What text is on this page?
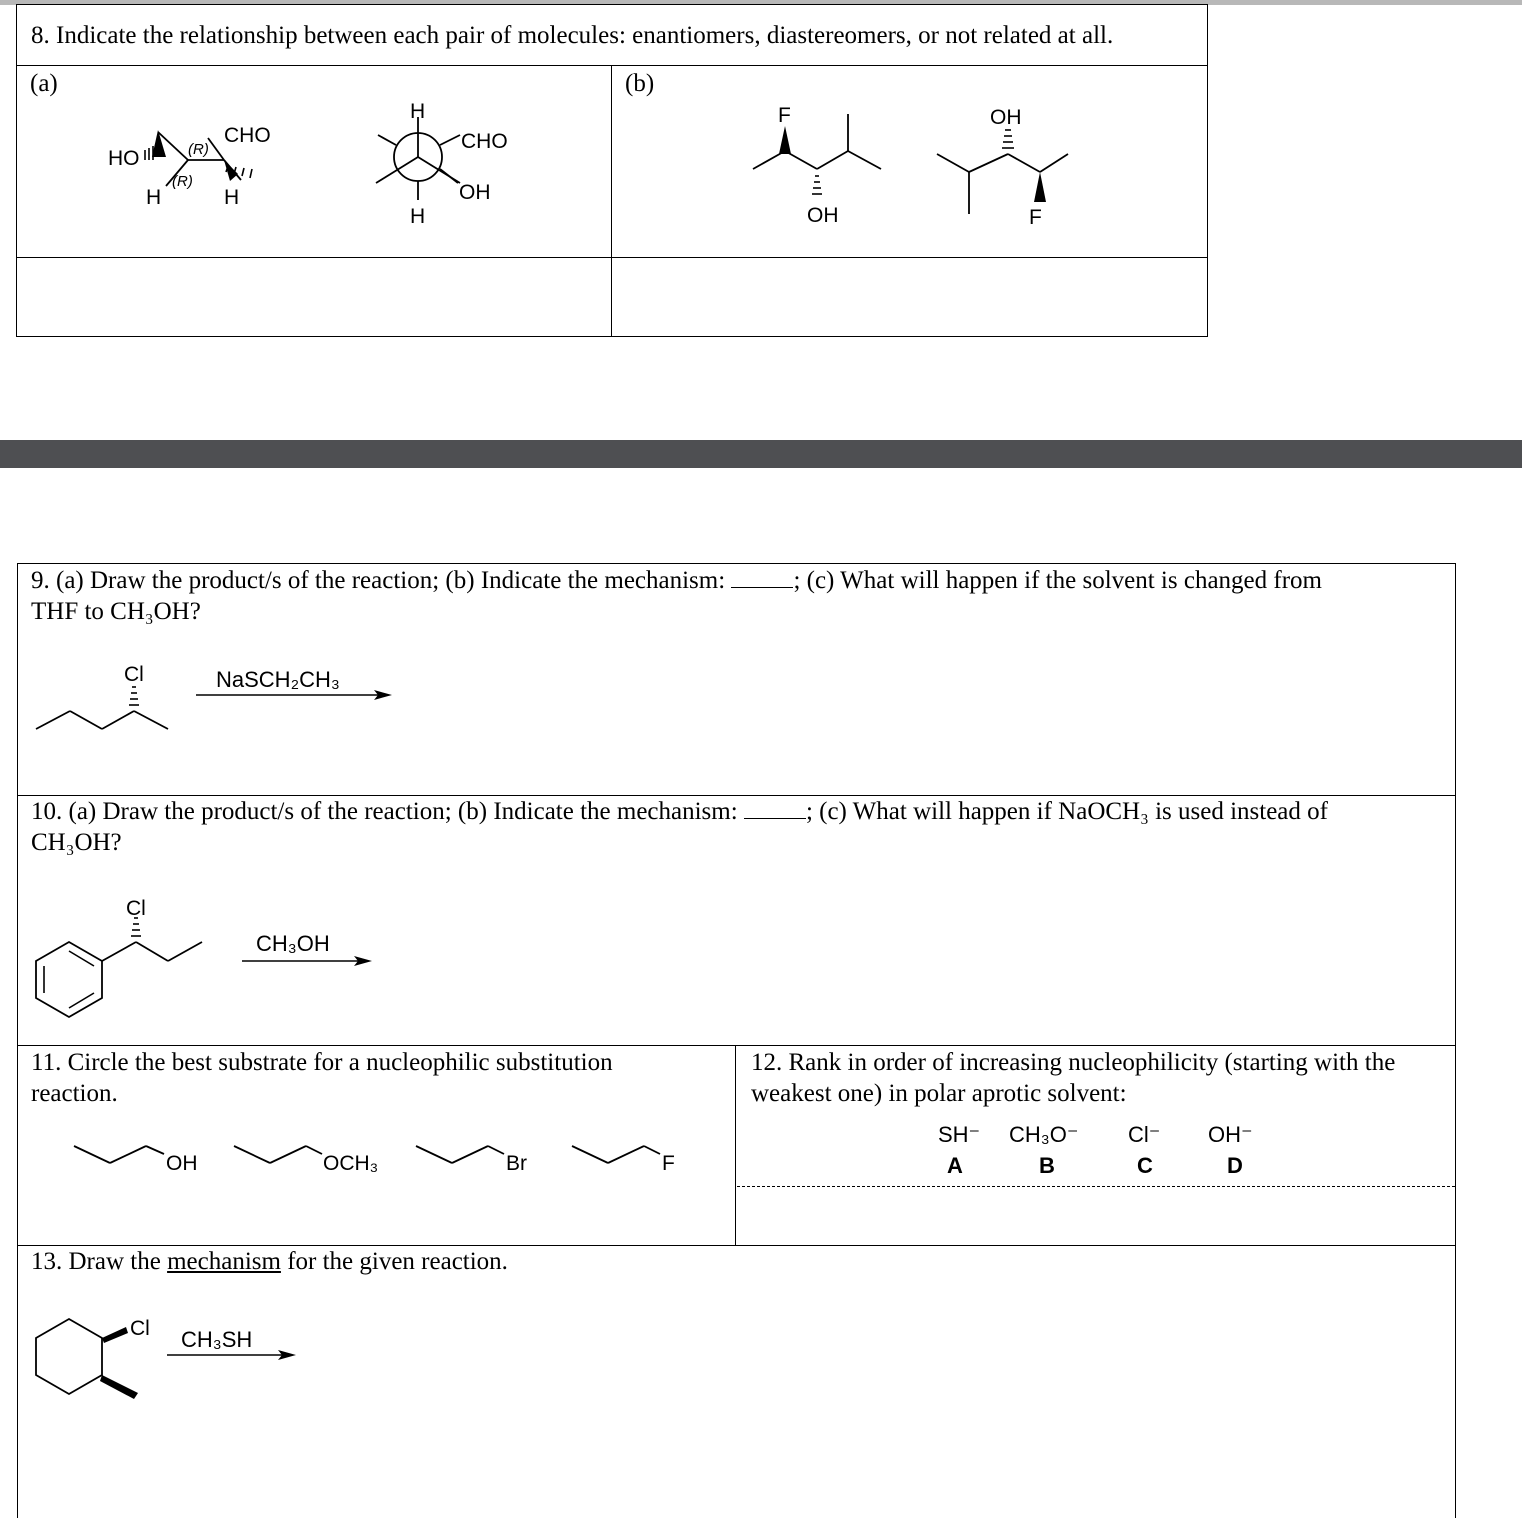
8. Indicate the relationship between each pair of molecules: enantiomers, diastereomers, or not related at all.
(a)	(b)
HO
CHO
(R)
(R)
H	H
H
CHO
OH
H
F
OH
OH
F
9. (a) Draw the product/s of the reaction; (b) Indicate the mechanism: ; (c) What will happen if the solvent is changed from
THF to CH₃OH?
Cl	NaSCH₂CH₃
10. (a) Draw the product/s of the reaction; (b) Indicate the mechanism: ; (c) What will happen if NaOCH₃ is used instead of
CH₃OH?
Cl
CH₃OH
11. Circle the best substrate for a nucleophilic substitution
reaction.
OH	OCH₃	Br	F
12. Rank in order of increasing nucleophilicity (starting with the
weakest one) in polar aprotic solvent:
SH⁻ CH₃O⁻ Cl⁻ OH⁻
A	B	C	D
13. Draw the mechanism for the given reaction.
Cl CH₃SH
